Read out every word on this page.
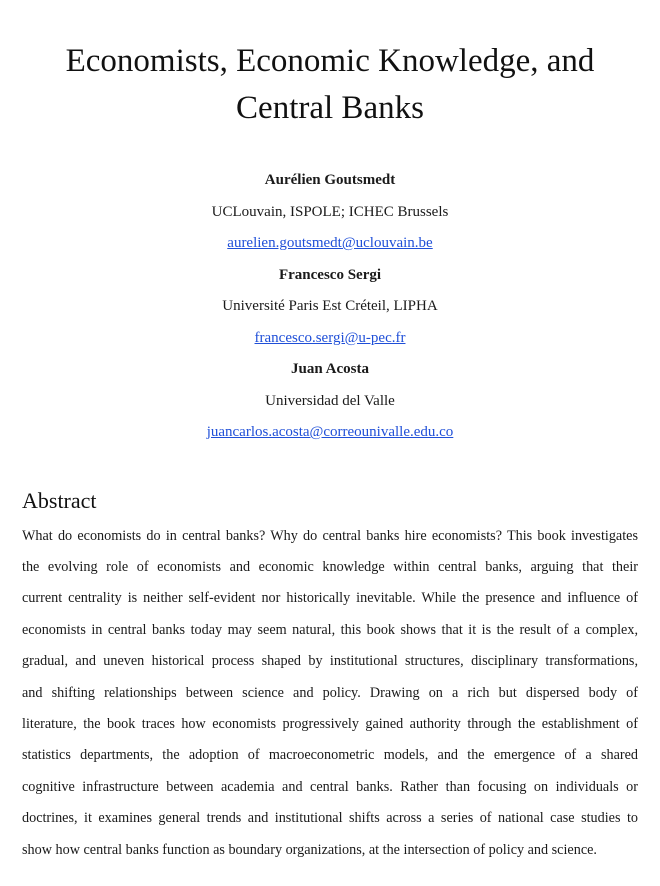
Economists, Economic Knowledge, and
Central Banks
Aurélien Goutsmedt
UCLouvain, ISPOLE; ICHEC Brussels
aurelien.goutsmedt@uclouvain.be
Francesco Sergi
Université Paris Est Créteil, LIPHA
francesco.sergi@u-pec.fr
Juan Acosta
Universidad del Valle
juancarlos.acosta@correounivalle.edu.co
Abstract
What do economists do in central banks? Why do central banks hire economists? This book investigates
the evolving role of economists and economic knowledge within central banks, arguing that their
current centrality is neither self-evident nor historically inevitable. While the presence and influence of
economists in central banks today may seem natural, this book shows that it is the result of a complex,
gradual, and uneven historical process shaped by institutional structures, disciplinary transformations,
and shifting relationships between science and policy. Drawing on a rich but dispersed body of
literature, the book traces how economists progressively gained authority through the establishment of
statistics departments, the adoption of macroeconometric models, and the emergence of a shared
cognitive infrastructure between academia and central banks. Rather than focusing on individuals or
doctrines, it examines general trends and institutional shifts across a series of national case studies to
show how central banks function as boundary organizations, at the intersection of policy and science.
